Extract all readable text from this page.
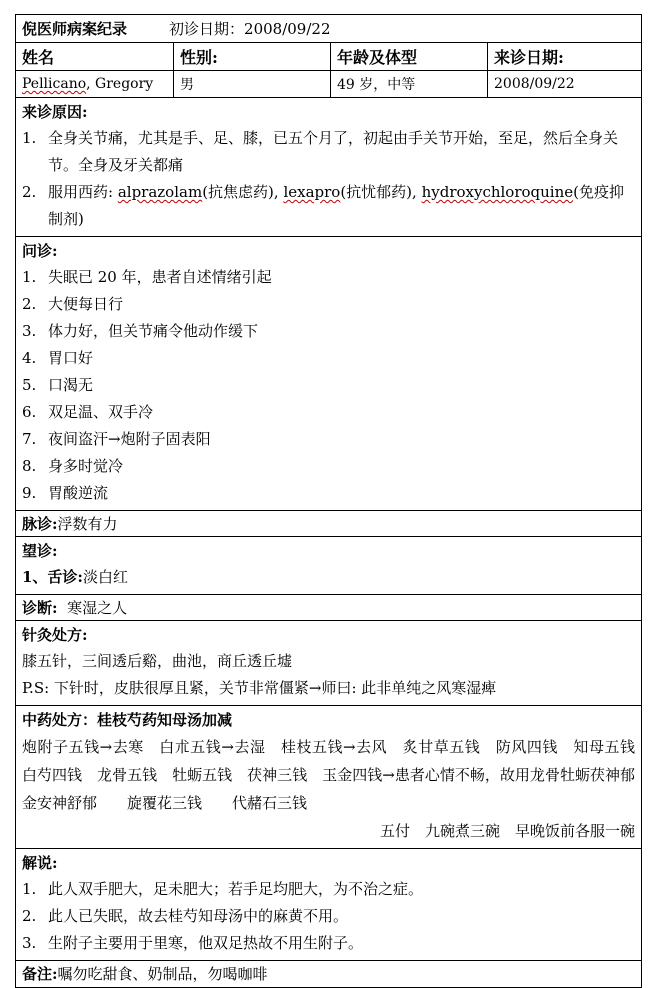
倪医师病案纪录	初诊日期：2008/09/22
姓名	性别:	年龄及体型	来诊日期:
Pellicano , Gregory	男	49 岁，中等	2008/09/22
来诊原因:
1. 全身关节痛，尤其是手、足、膝，已五个月了，初起由手关节开始，至足，然后全身关节。全身及牙关都痛
2. 服用西药: alprazolam(抗焦虑药), lexapro(抗忧郁药), hydroxychloroquine(免疫抑制剂)
问诊:
1. 失眠已 20 年，患者自述情绪引起
2. 大便每日行
3. 体力好，但关节痛令他动作缓下
4. 胃口好
5. 口渴无
6. 双足温、双手冷
7. 夜间盗汗→炮附子固表阳
8. 身多时觉冷
9. 胃酸逆流
脉诊:浮数有力
望诊:
1、舌诊:淡白红
诊断: 寒湿之人
针灸处方:
膝五针，三间透后谿，曲池，商丘透丘墟
P.S: 下针时，皮肤很厚且紧，关节非常僵紧→师曰: 此非单纯之风寒湿痺
中药处方：桂枝芍药知母汤加减
炮附子五钱→去寒　白朮五钱→去湿　桂枝五钱→去风　炙甘草五钱　防风四钱　知母五钱　白芍四钱　龙骨五钱　牡蛎五钱　茯神三钱　玉金四钱→患者心情不畅，故用龙骨牡蛎茯神郁金安神舒郁　　旋覆花三钱　　代赭石三钱
五付　九碗煮三碗　早晚饭前各服一碗
解说:
1. 此人双手肥大，足未肥大；若手足均肥大，为不治之症。
2. 此人已失眠，故去桂芍知母汤中的麻黄不用。
3. 生附子主要用于里寒，他双足热故不用生附子。
备注:嘱勿吃甜食、奶制品，勿喝咖啡
